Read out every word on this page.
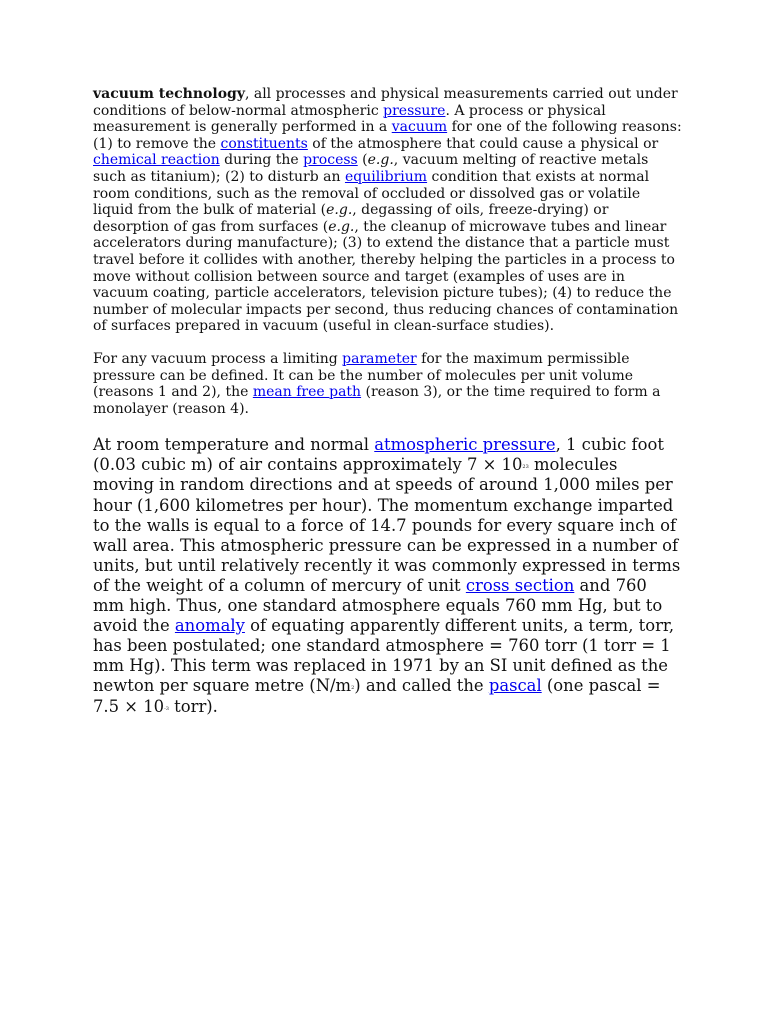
vacuum technology, all processes and physical measurements carried out under conditions of below-normal atmospheric pressure. A process or physical measurement is generally performed in a vacuum for one of the following reasons: (1) to remove the constituents of the atmosphere that could cause a physical or chemical reaction during the process (e.g., vacuum melting of reactive metals such as titanium); (2) to disturb an equilibrium condition that exists at normal room conditions, such as the removal of occluded or dissolved gas or volatile liquid from the bulk of material (e.g., degassing of oils, freeze-drying) or desorption of gas from surfaces (e.g., the cleanup of microwave tubes and linear accelerators during manufacture); (3) to extend the distance that a particle must travel before it collides with another, thereby helping the particles in a process to move without collision between source and target (examples of uses are in vacuum coating, particle accelerators, television picture tubes); (4) to reduce the number of molecular impacts per second, thus reducing chances of contamination of surfaces prepared in vacuum (useful in clean-surface studies).

For any vacuum process a limiting parameter for the maximum permissible pressure can be defined. It can be the number of molecules per unit volume (reasons 1 and 2), the mean free path (reason 3), or the time required to form a monolayer (reason 4).

At room temperature and normal atmospheric pressure, 1 cubic foot (0.03 cubic m) of air contains approximately $7 \times 10^{23}$ molecules moving in random directions and at speeds of around 1,000 miles per hour (1,600 kilometres per hour). The momentum exchange imparted to the walls is equal to a force of 14.7 pounds for every square inch of wall area. This atmospheric pressure can be expressed in a number of units, but until relatively recently it was commonly expressed in terms of the weight of a column of mercury of unit cross section and 760 mm high. Thus, one standard atmosphere equals 760 mm Hg, but to avoid the anomaly of equating apparently different units, a term, torr, has been postulated; one standard atmosphere = 760 torr (1 torr = 1 mm Hg). This term was replaced in 1971 by an SI unit defined as the newton per square metre $(N/m^2)$ and called the pascal (one pascal = $7.5 \times 10^{-3}$ torr).
